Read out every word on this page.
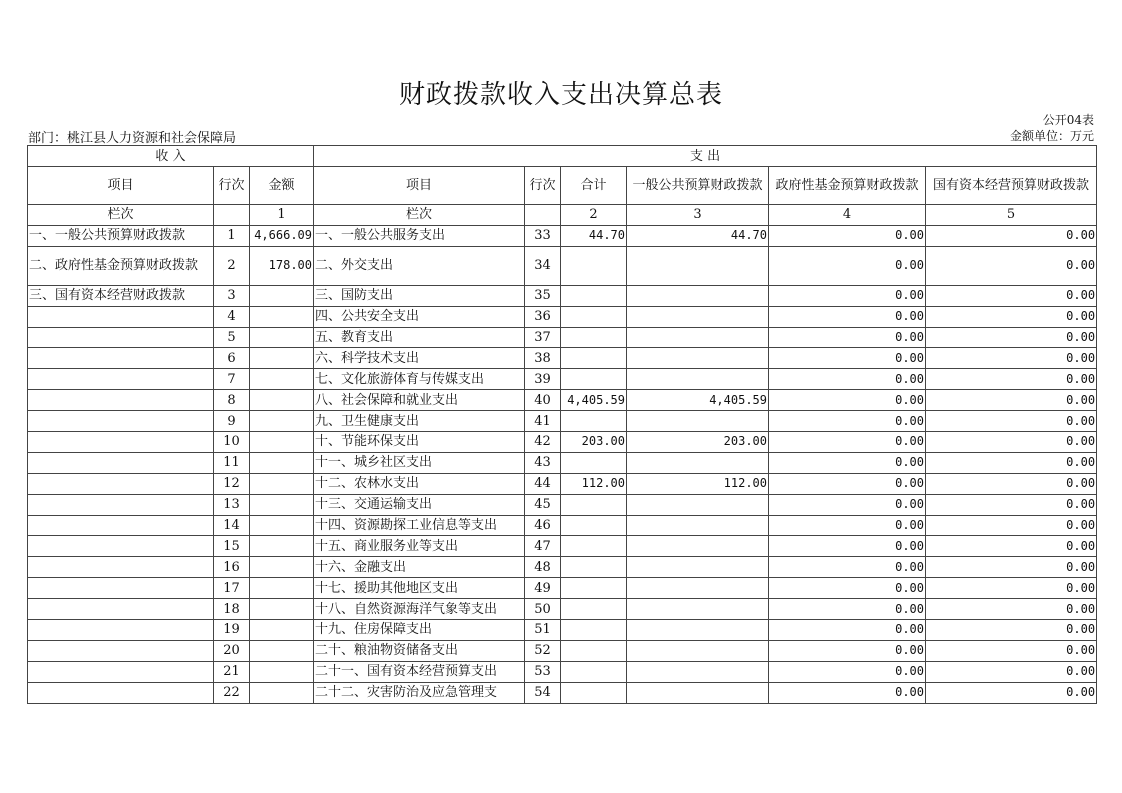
财政拨款收入支出决算总表
公开04表
部门：桃江县人力资源和社会保障局	金额单位：万元
收 入			支 出					
项目	行次	金额	项目	行次	合计	一般公共预算财政拨款	政府性基金预算财政拨款	国有资本经营预算财政拨款
栏次		1	栏次		2	3	4	5
一、一般公共预算财政拨款	1	4,666.09	一、一般公共服务支出	33	44.70	44.70	0.00	0.00
二、政府性基金预算财政拨款	2	178.00	二、外交支出	34			0.00	0.00
三、国有资本经营财政拨款	3		三、国防支出	35			0.00	0.00
	4		四、公共安全支出	36			0.00	0.00
	5		五、教育支出	37			0.00	0.00
	6		六、科学技术支出	38			0.00	0.00
	7		七、文化旅游体育与传媒支出	39			0.00	0.00
	8		八、社会保障和就业支出	40	4,405.59	4,405.59	0.00	0.00
	9		九、卫生健康支出	41			0.00	0.00
	10		十、节能环保支出	42	203.00	203.00	0.00	0.00
	11		十一、城乡社区支出	43			0.00	0.00
	12		十二、农林水支出	44	112.00	112.00	0.00	0.00
	13		十三、交通运输支出	45			0.00	0.00
	14		十四、资源勘探工业信息等支出	46			0.00	0.00
	15		十五、商业服务业等支出	47			0.00	0.00
	16		十六、金融支出	48			0.00	0.00
	17		十七、援助其他地区支出	49			0.00	0.00
	18		十八、自然资源海洋气象等支出	50			0.00	0.00
	19		十九、住房保障支出	51			0.00	0.00
	20		二十、粮油物资储备支出	52			0.00	0.00
	21		二十一、国有资本经营预算支出	53			0.00	0.00
	22		二十二、灾害防治及应急管理支	54			0.00	0.00
